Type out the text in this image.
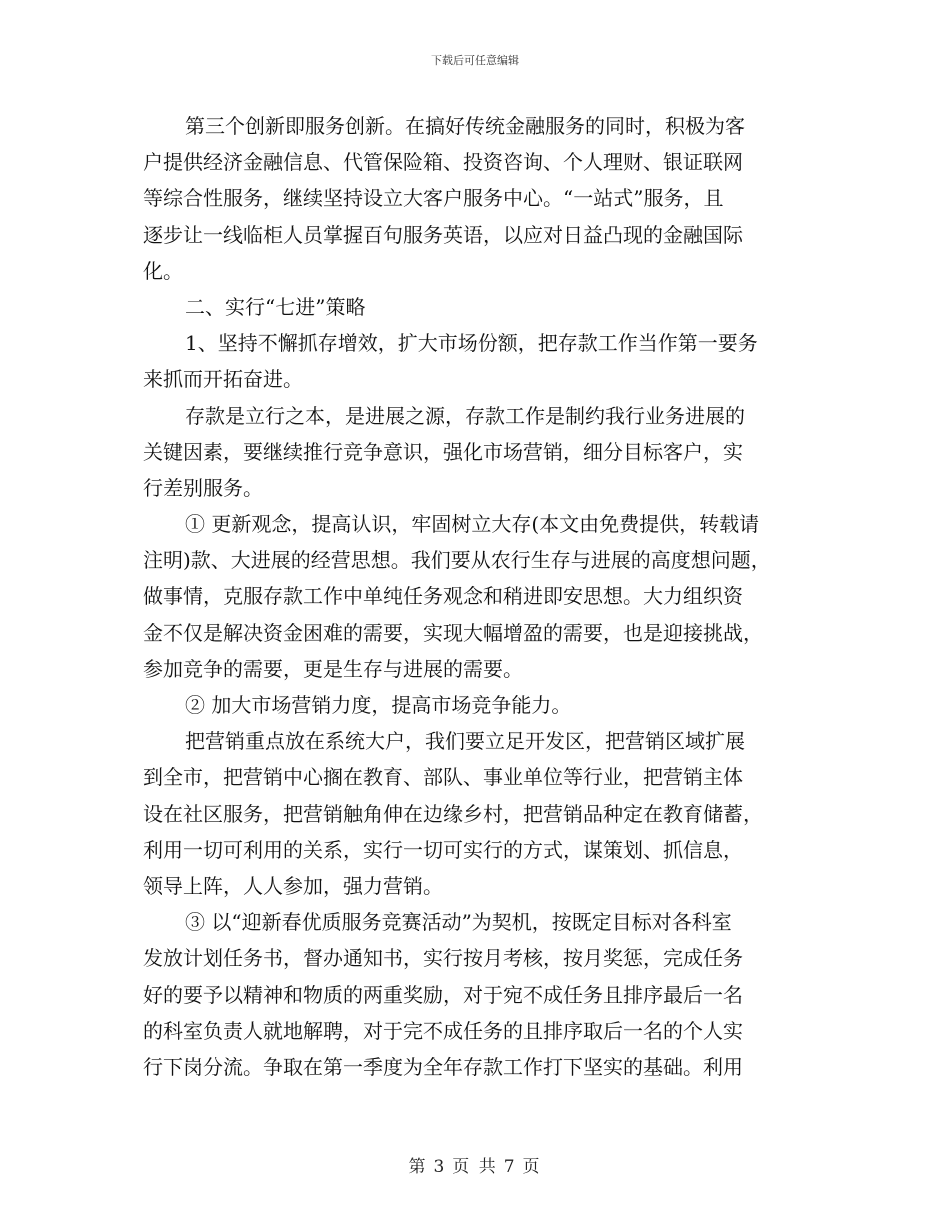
下载后可任意编辑

第三个创新即服务创新。在搞好传统金融服务的同时，积极为客
户提供经济金融信息、代管保险箱、投资咨询、个人理财、银证联网
等综合性服务，继续坚持设立大客户服务中心。“一站式”服务，且
逐步让一线临柜人员掌握百句服务英语，以应对日益凸现的金融国际
化。

二、实行“七进”策略

1、坚持不懈抓存增效，扩大市场份额，把存款工作当作第一要务
来抓而开拓奋进。

存款是立行之本，是进展之源，存款工作是制约我行业务进展的
关键因素，要继续推行竞争意识，强化市场营销，细分目标客户，实
行差别服务。

① 更新观念，提高认识，牢固树立大存(本文由免费提供，转载请
注明)款、大进展的经营思想。我们要从农行生存与进展的高度想问题，
做事情，克服存款工作中单纯任务观念和稍进即安思想。大力组织资
金不仅是解决资金困难的需要，实现大幅增盈的需要，也是迎接挑战，
参加竞争的需要，更是生存与进展的需要。

② 加大市场营销力度，提高市场竞争能力。

把营销重点放在系统大户，我们要立足开发区，把营销区域扩展
到全市，把营销中心搁在教育、部队、事业单位等行业，把营销主体
设在社区服务，把营销触角伸在边缘乡村，把营销品种定在教育储蓄，
利用一切可利用的关系，实行一切可实行的方式，谋策划、抓信息，
领导上阵，人人参加，强力营销。

③ 以“迎新春优质服务竞赛活动”为契机，按既定目标对各科室
发放计划任务书，督办通知书，实行按月考核，按月奖惩，完成任务
好的要予以精神和物质的两重奖励，对于宛不成任务且排序最后一名
的科室负责人就地解聘，对于完不成任务的且排序取后一名的个人实
行下岗分流。争取在第一季度为全年存款工作打下坚实的基础。利用

第 3 页 共 7 页
